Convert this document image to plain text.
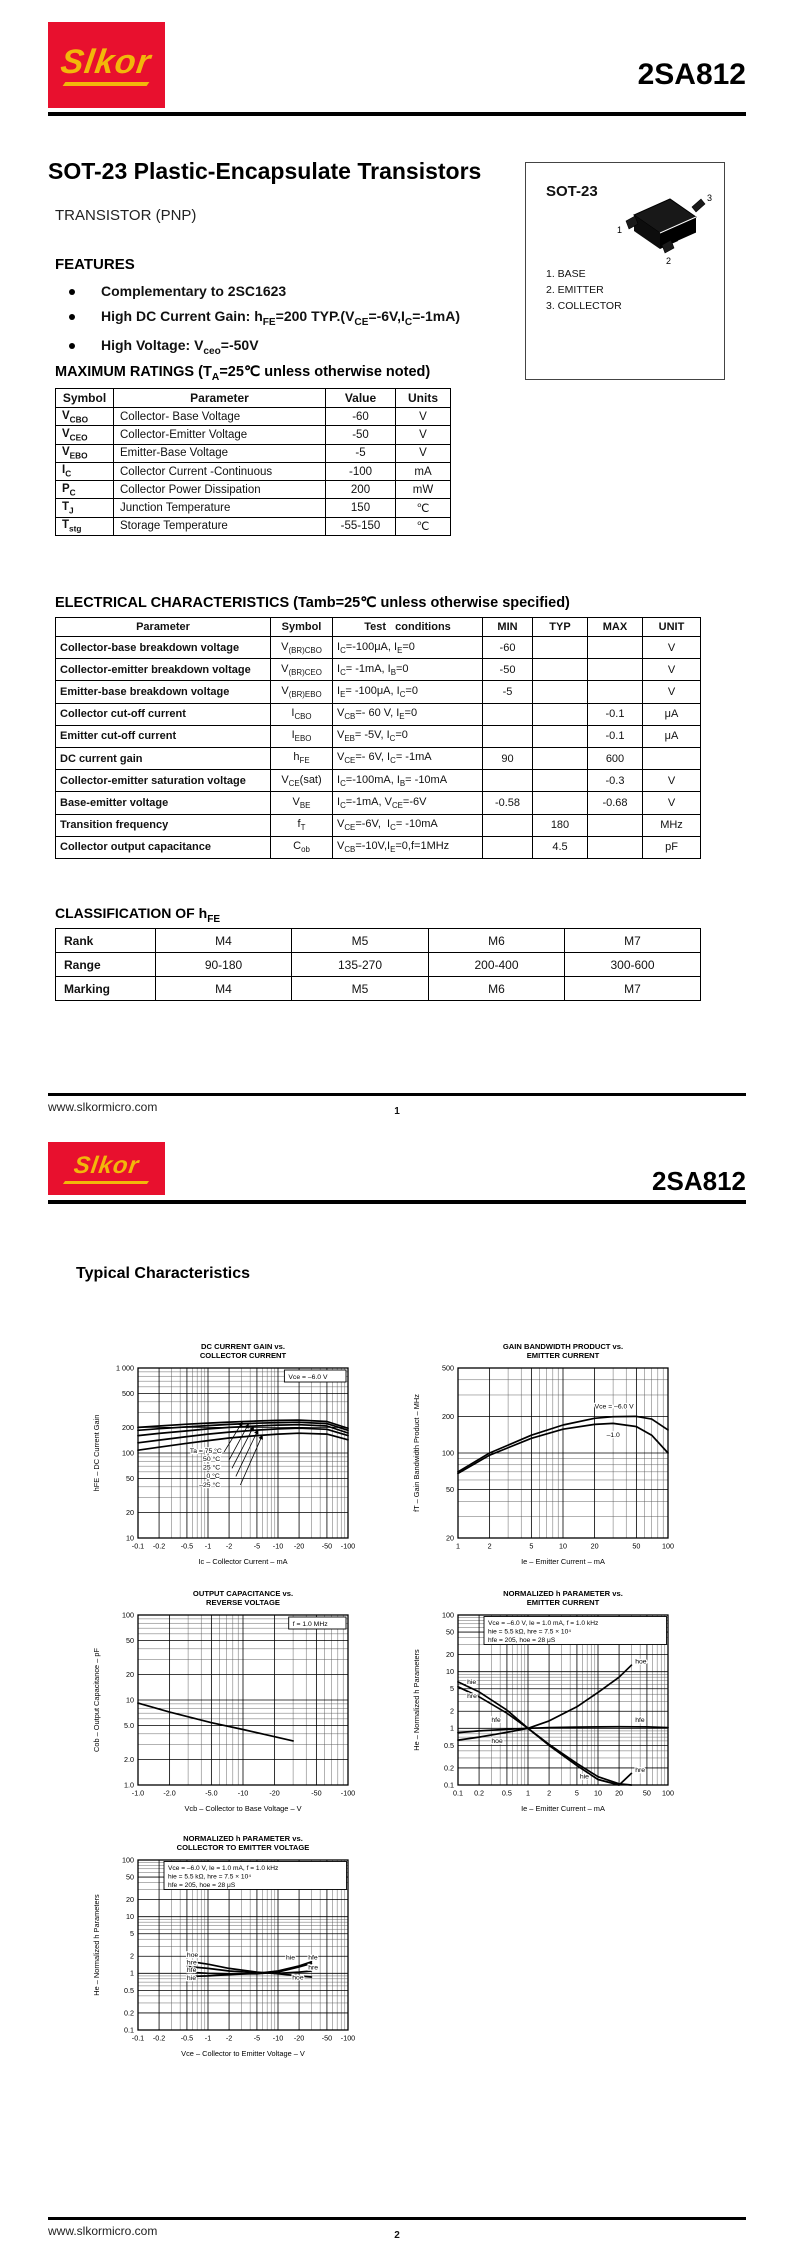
Slkor	2SA812
SOT-23 Plastic-Encapsulate Transistors
TRANSISTOR (PNP)
FEATURES
Complementary to 2SC1623
High DC Current Gain: $h_{FE}=200$ $TYP.(V_{CE}=-6V,I_C=-1mA)$
High Voltage: $V_{ceo}=-50V$
SOT-23	3
1
2
1. BASE
2. EMITTER
3. COLLECTOR
MAXIMUM RATINGS ($T_A=25℃$ unless otherwise noted)
Symbol	Parameter	Value	Units
$V_{CBO}$	Collector- Base Voltage	-60	V
$V_{CEO}$	Collector-Emitter Voltage	-50	V
$V_{EBO}$	Emitter-Base Voltage	-5	V
$I_C$	Collector Current -Continuous	-100	mA
$P_C$	Collector Power Dissipation	200	mW
$T_J$	Junction Temperature	150	℃
$T_{stg}$	Storage Temperature	-55-150	℃
ELECTRICAL CHARACTERISTICS (Tamb=25℃ unless otherwise specified)
Parameter	Symbol	Test   conditions	MIN	TYP	MAX	UNIT
Collector-base breakdown voltage	$V_{(BR)CBO}$	$I_C=-100\mu A$, $I_E=0$	-60			V
Collector-emitter breakdown voltage	$V_{(BR)CEO}$	$I_C= -1mA$, $I_B=0$	-50			V
Emitter-base breakdown voltage	$V_{(BR)EBO}$	$I_E= -100\mu A$, $I_C=0$	-5			V
Collector cut-off current	$I_{CBO}$	$V_{CB}=-$ 60 V, $I_E=0$			-0.1	μA
Emitter cut-off current	$I_{EBO}$	$V_{EB}= -5V$, $I_C=0$			-0.1	μA
DC current gain	$h_{FE}$	$V_{CE}=-$ 6V, $I_C= -1mA$	90		600	
Collector-emitter saturation voltage	$V_{CE}(sat)$	$I_C=-100mA$, $I_B= -10mA$			-0.3	V
Base-emitter voltage	$V_{BE}$	$I_C=-1mA$, $V_{CE}=-6V$	-0.58		-0.68	V
Transition frequency	$f_T$	$V_{CE}=-6V$,  $I_C= -10mA$		180		MHz
Collector output capacitance	$C_{ob}$	$V_{CB}=-10V,I_E=0,f=1MHz$		4.5		pF
CLASSIFICATION OF $h_{FE}$
Rank	M4	M5	M6	M7
Range	90-180	135-270	200-400	300-600
Marking	M4	M5	M6	M7
www.slkormicro.com	1
Slkor
2SA812
Typical Characteristics
Ta = 75 °C
50 °C
25 °C
0 °C
–25 °C
Vce = –6.0 V
10
20
50
100
200
500
1 000
-0.1 -0.2 -0.5 -1 -2	-5 -10 -20 -50 -100
DC CURRENT GAIN vs.
COLLECTOR CURRENT
Ic – Collector Current – mA
hFE – DC Current Gain
Vce = –6.0 V
–1.0
20
50
100
200
500
1	2	5	10	20	50	100
GAIN BANDWIDTH PRODUCT vs.
EMITTER CURRENT
Ie – Emitter Current – mA
fT – Gain Bandwidth Product – MHz
f = 1.0 MHz
1.0
2.0
5.0
10
20
50
100
-1.0	-2.0	-5.0	-10	-20	-50	-100
OUTPUT CAPACITANCE vs.
REVERSE VOLTAGE
Vcb – Collector to Base Voltage – V
Cob – Output Capacitance – pF	hie
hre
hfe
hoe
hoe
hfe
hie
hre
Vce = –6.0 V, Ie = 1.0 mA, f = 1.0 kHz
hie = 5.5 kΩ, hre = 7.5 × 10⁴
hfe = 205, hoe = 28 μS
0.1
0.2
0.5
1
2
5
10
20
50
100
0.1 0.2 0.5 1 2	5 10 20	50 100
NORMALIZED h PARAMETER vs.
EMITTER CURRENT
Ie – Emitter Current – mA
He – Normalized h Parameters
hoe
hre
hfe
hie
hie hfe
hre
hoe
Vce = –6.0 V, Ie = 1.0 mA, f = 1.0 kHz
hie = 5.5 kΩ, hre = 7.5 × 10⁴
hfe = 205, hoe = 28 μS
0.1
0.2
0.5
1
2
5
10
20
50
100
-0.1 -0.2 -0.5 -1 -2	-5 -10 -20 -50 -100
NORMALIZED h PARAMETER vs.
COLLECTOR TO EMITTER VOLTAGE
Vce – Collector to Emitter Voltage – V
He – Normalized h Parameters
www.slkormicro.com	2
